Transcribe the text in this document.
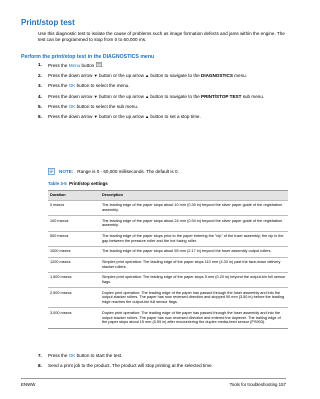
Print/stop test
Use this diagnostic test to isolate the cause of problems such as image formation defects and jams within the engine. The test can be programmed to stop from 0 to 60,000 ms.
Perform the print/stop test in the DIAGNOSTICS menu
1. Press the Menu button .
2. Press the down arrow ▼ button or the up arrow ▲ button to navigate to the DIAGNOSTICS menu.
3. Press the OK button to select the menu.
4. Press the down arrow ▼ button or the up arrow ▲ button to navigate to the PRINT/STOP TEST sub menu.
5. Press the OK button to select the sub menu.
6. Press the down arrow ▼ button or the up arrow ▲ button to set a stop time.
NOTE: Range is 0 - 60,000 milliseconds. The default is 0.
Table 3-5 Print/stop settings
Duration	Description
0 msecs	The leading edge of the paper stops about 10 mm (0.39 in) beyond the silver paper guide of the registration assembly.
100 msecs	The leading edge of the paper stops about 24 mm (0.94 in) beyond the silver paper guide of the registration assembly.
500 msecs	The leading edge of the paper stops prior to the paper entering the "nip" of the fuser assembly; the nip is the gap between the pressure roller and the hot fusing roller.
1000 msecs	The leading edge of the paper stops about 55 mm (2.17 in) beyond the fuser assembly output rollers.
1200 msecs	Simplex print operation: The leading edge of the paper stops 110 mm (4.33 in) past the face-down delivery stacker rollers.
1,500 msecs	Simplex print operation: The leading edge of the paper stops 5 mm (0.20 in) beyond the output-bin full sensor flags.
2,500 msecs	Duplex print operation: The leading edge of the paper has passed through the fuser assembly and into the output stacker rollers. The paper has now reversed direction and stopped 90 mm (3.50 in) before the leading edge reaches the output-bin full sensor flags.
3,000 msecs	Duplex print operation: The leading edge of the paper has passed through the fuser assembly and into the output stacker rollers. The paper has now reversed direction and entered the duplexer. The trailing edge of the paper stops about 15 mm (0.59 in) after encountering the duplex media-feed sensor (PS903).
7. Press the OK button to start the test.
8. Send a print job to the product. The product will stop printing at the selected time.
ENWW	Tools for troubleshooting 157
